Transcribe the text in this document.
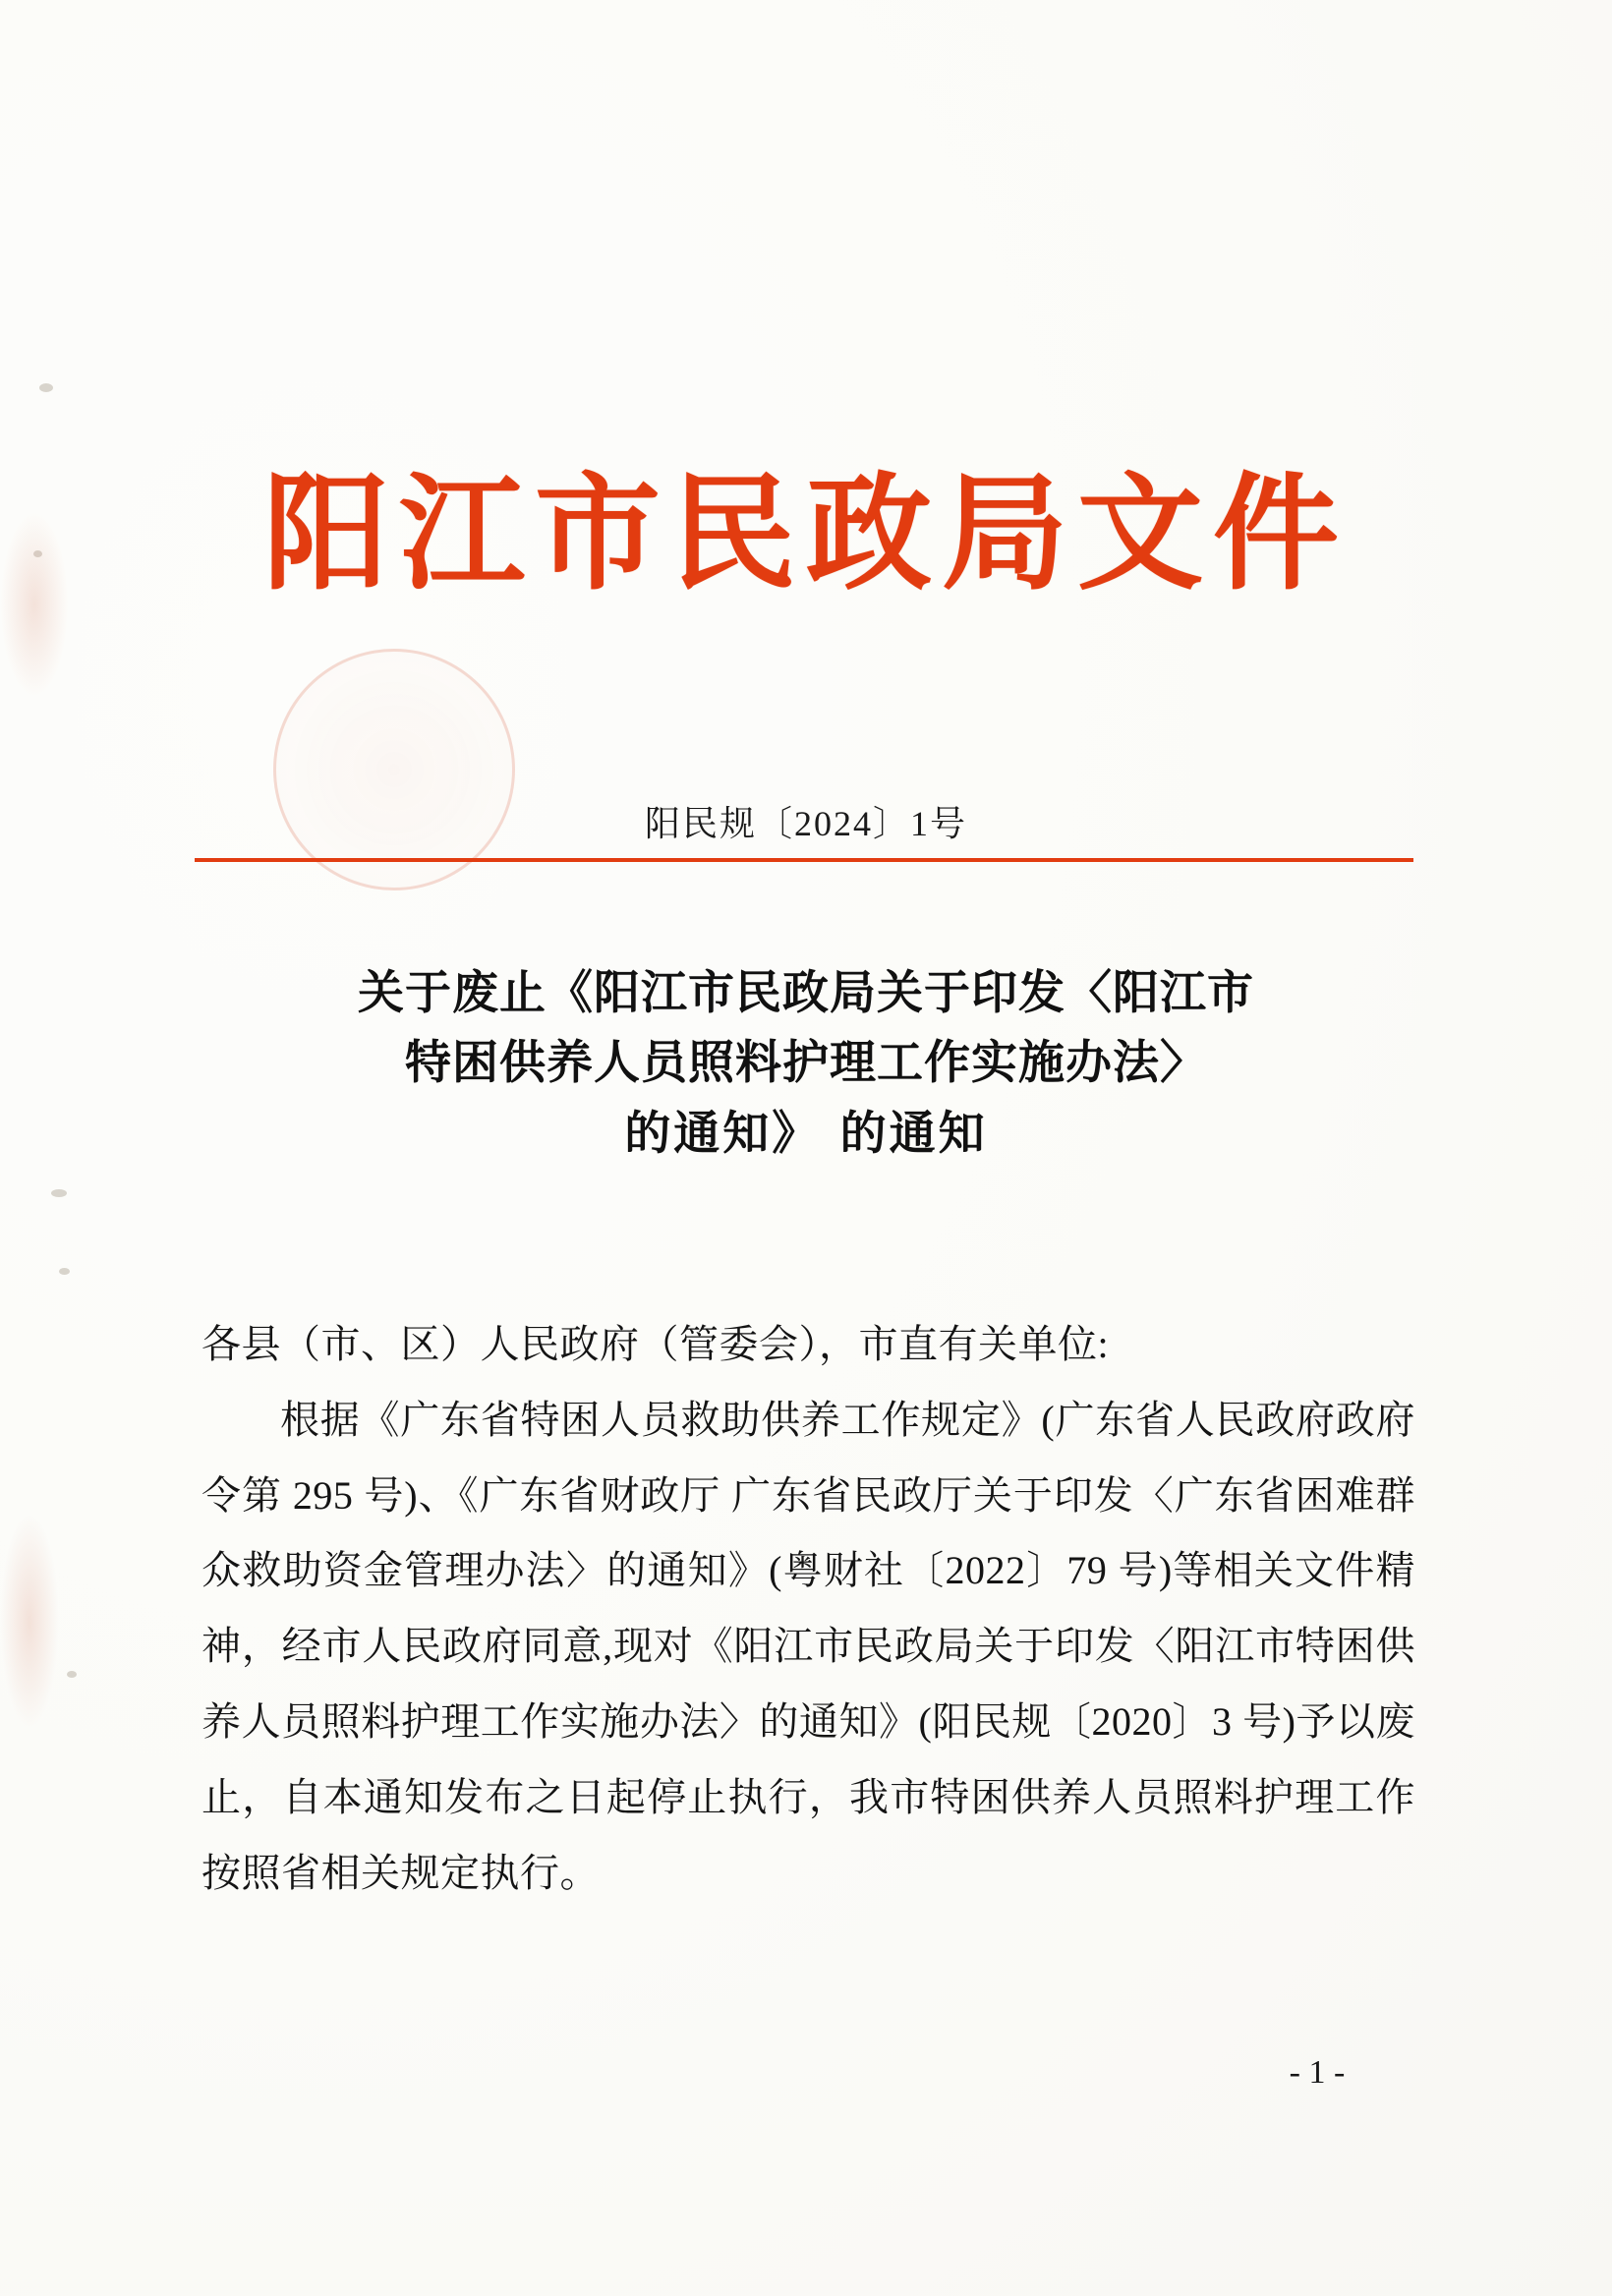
阳江市民政局文件
阳民规〔2024〕1号
关于废止《阳江市民政局关于印发〈阳江市
特困供养人员照料护理工作实施办法〉
的通知》 的通知

各县（市、区）人民政府（管委会），市直有关单位:

根据《广东省特困人员救助供养工作规定》(广东省人民政府政府令第 295 号)、《广东省财政厅 广东省民政厅关于印发〈广东省困难群众救助资金管理办法〉的通知》(粤财社〔2022〕79 号)等相关文件精神，经市人民政府同意,现对《阳江市民政局关于印发〈阳江市特困供养人员照料护理工作实施办法〉的通知》(阳民规〔2020〕3 号)予以废止，自本通知发布之日起停止执行，我市特困供养人员照料护理工作按照省相关规定执行。

- 1 -
